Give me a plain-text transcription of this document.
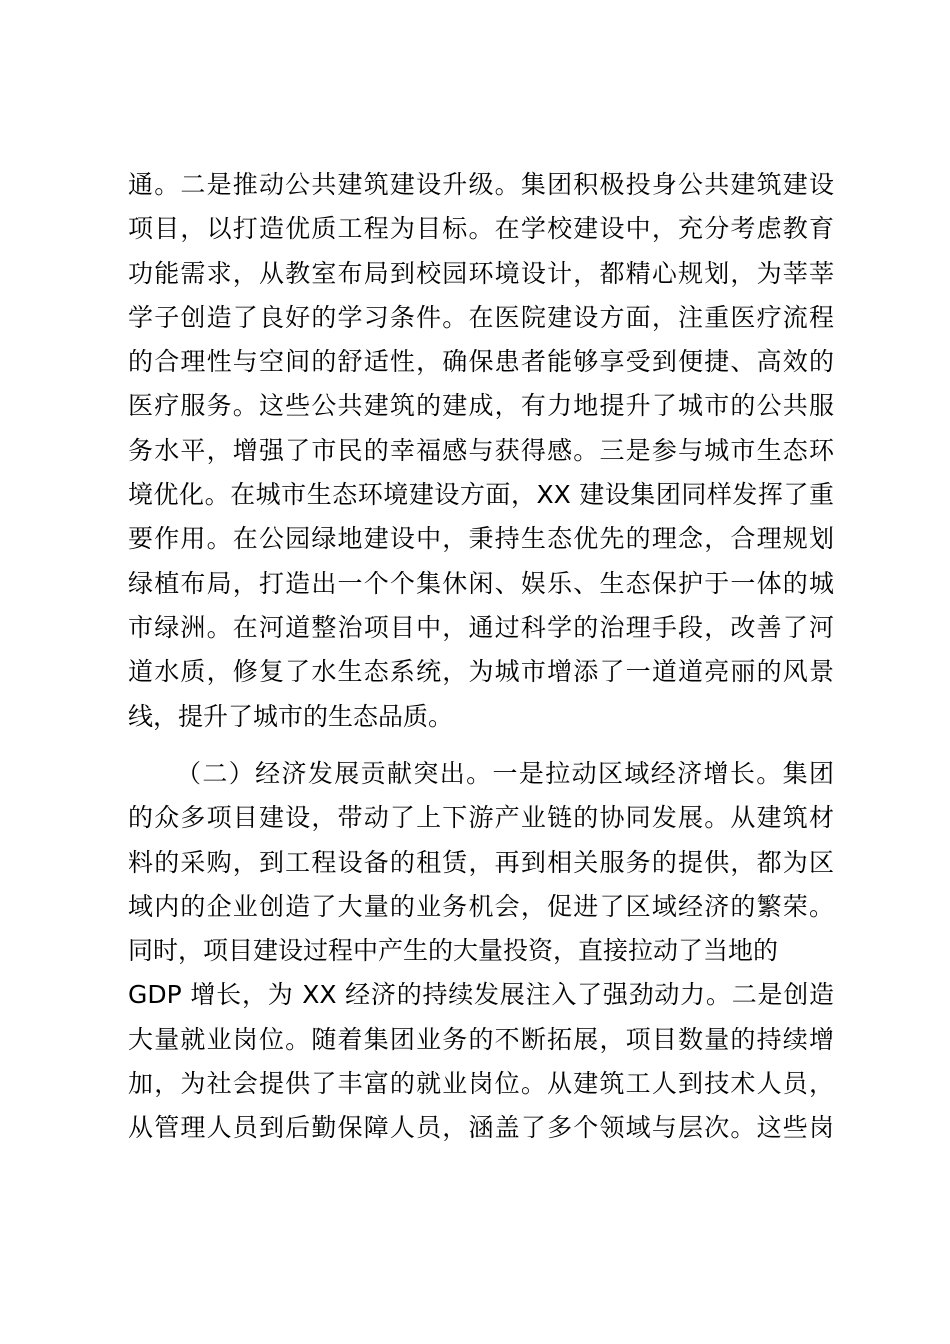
通。二是推动公共建筑建设升级。集团积极投身公共建筑建设
项目，以打造优质工程为目标。在学校建设中，充分考虑教育
功能需求，从教室布局到校园环境设计，都精心规划，为莘莘
学子创造了良好的学习条件。在医院建设方面，注重医疗流程
的合理性与空间的舒适性，确保患者能够享受到便捷、高效的
医疗服务。这些公共建筑的建成，有力地提升了城市的公共服
务水平，增强了市民的幸福感与获得感。三是参与城市生态环
境优化。在城市生态环境建设方面，XX 建设集团同样发挥了重
要作用。在公园绿地建设中，秉持生态优先的理念，合理规划
绿植布局，打造出一个个集休闲、娱乐、生态保护于一体的城
市绿洲。在河道整治项目中，通过科学的治理手段，改善了河
道水质，修复了水生态系统，为城市增添了一道道亮丽的风景
线，提升了城市的生态品质。
（二）经济发展贡献突出。一是拉动区域经济增长。集团
的众多项目建设，带动了上下游产业链的协同发展。从建筑材
料的采购，到工程设备的租赁，再到相关服务的提供，都为区
域内的企业创造了大量的业务机会，促进了区域经济的繁荣。
同时，项目建设过程中产生的大量投资，直接拉动了当地的
GDP 增长，为 XX 经济的持续发展注入了强劲动力。二是创造
大量就业岗位。随着集团业务的不断拓展，项目数量的持续增
加，为社会提供了丰富的就业岗位。从建筑工人到技术人员，
从管理人员到后勤保障人员，涵盖了多个领域与层次。这些岗
